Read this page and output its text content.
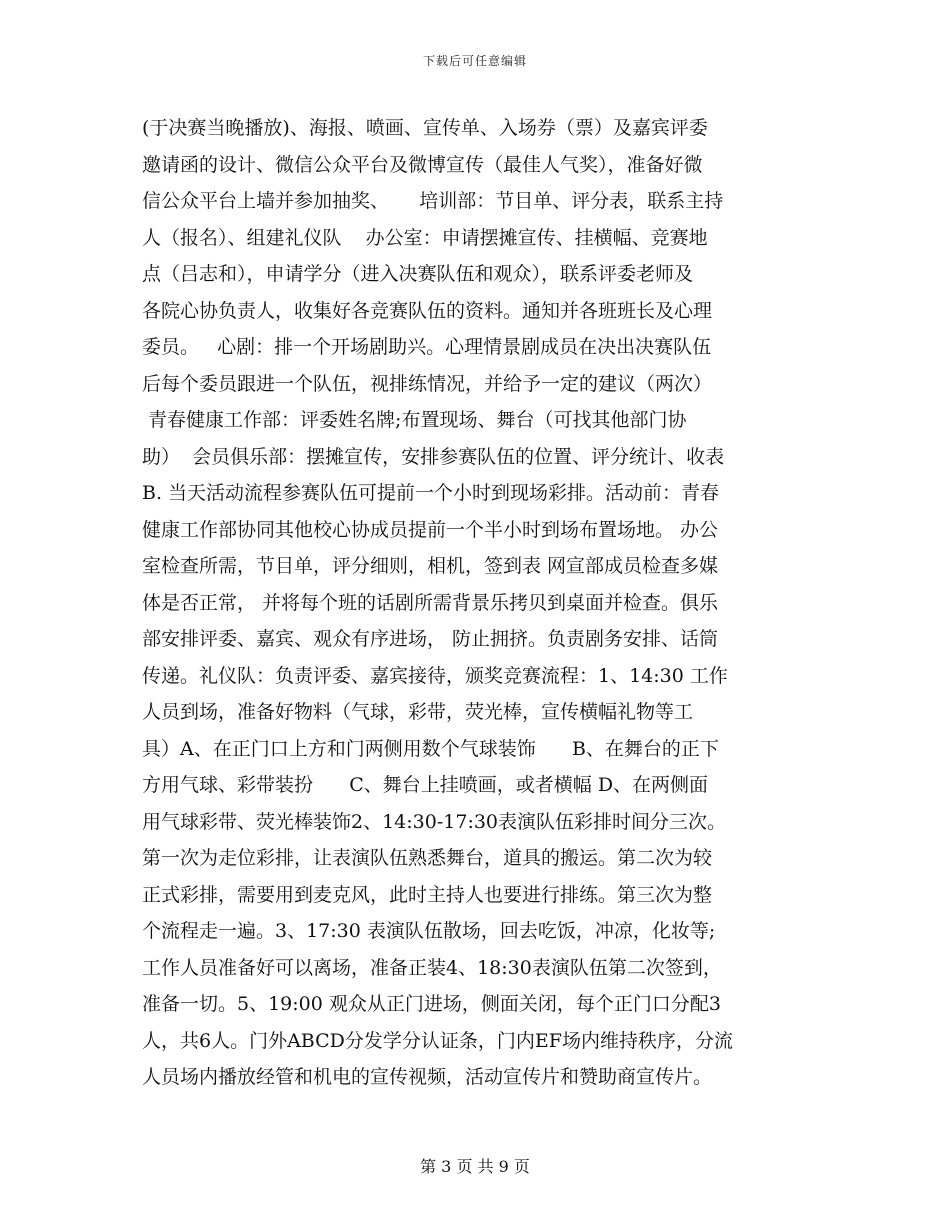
下载后可任意编辑
(于决赛当晚播放)、海报、喷画、宣传单、入场券（票）及嘉宾评委
邀请函的设计、微信公众平台及微博宣传（最佳人气奖），准备好微
信公众平台上墙并参加抽奖、     培训部：节目单、评分表，联系主持
人（报名）、组建礼仪队    办公室：申请摆摊宣传、挂横幅、竞赛地
点（吕志和），申请学分（进入决赛队伍和观众），联系评委老师及
各院心协负责人，收集好各竞赛队伍的资料。通知并各班班长及心理
委员。   心剧：排一个开场剧助兴。心理情景剧成员在决出决赛队伍
后每个委员跟进一个队伍，视排练情况，并给予一定的建议（两次）
青春健康工作部：评委姓名牌;布置现场、舞台（可找其他部门协
助）  会员俱乐部：摆摊宣传，安排参赛队伍的位置、评分统计、收表
B. 当天活动流程参赛队伍可提前一个小时到现场彩排。活动前：青春
健康工作部协同其他校心协成员提前一个半小时到场布置场地。 办公
室检查所需，节目单，评分细则，相机，签到表 网宣部成员检查多媒
体是否正常， 并将每个班的话剧所需背景乐拷贝到桌面并检查。俱乐
部安排评委、嘉宾、观众有序进场， 防止拥挤。负责剧务安排、话筒
传递。礼仪队：负责评委、嘉宾接待，颁奖竞赛流程：1、14:30 工作
人员到场，准备好物料（气球，彩带，荧光棒，宣传横幅礼物等工
具）A、在正门口上方和门两侧用数个气球装饰      B、在舞台的正下
方用气球、彩带装扮      C、舞台上挂喷画，或者横幅 D、在两侧面
用气球彩带、荧光棒装饰2、14:30-17:30表演队伍彩排时间分三次。
第一次为走位彩排，让表演队伍熟悉舞台，道具的搬运。第二次为较
正式彩排，需要用到麦克风，此时主持人也要进行排练。第三次为整
个流程走一遍。3、17:30 表演队伍散场，回去吃饭，冲凉，化妆等;
工作人员准备好可以离场，准备正装4、18:30表演队伍第二次签到，
准备一切。5、19:00 观众从正门进场，侧面关闭，每个正门口分配3
人，共6人。门外ABCD分发学分认证条，门内EF场内维持秩序，分流
人员场内播放经管和机电的宣传视频，活动宣传片和赞助商宣传片。
第 3 页 共 9 页
